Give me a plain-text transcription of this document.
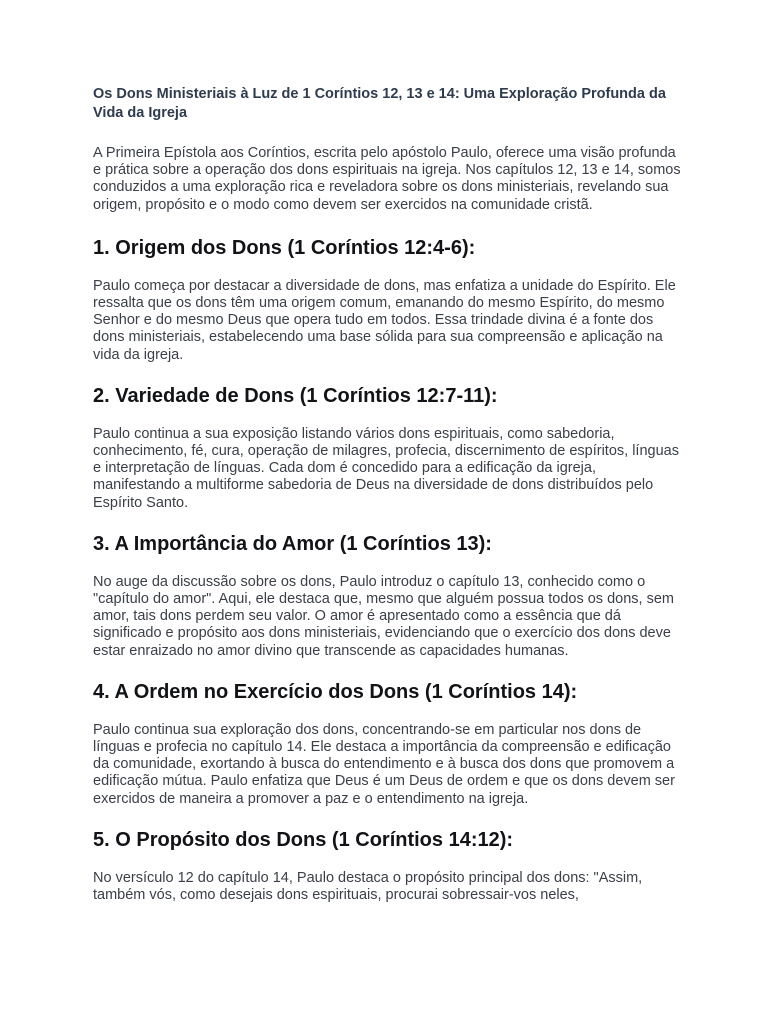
Os Dons Ministeriais à Luz de 1 Coríntios 12, 13 e 14: Uma Exploração Profunda da Vida da Igreja

A Primeira Epístola aos Coríntios, escrita pelo apóstolo Paulo, oferece uma visão profunda e prática sobre a operação dos dons espirituais na igreja. Nos capítulos 12, 13 e 14, somos conduzidos a uma exploração rica e reveladora sobre os dons ministeriais, revelando sua origem, propósito e o modo como devem ser exercidos na comunidade cristã.

1. Origem dos Dons (1 Coríntios 12:4-6):

Paulo começa por destacar a diversidade de dons, mas enfatiza a unidade do Espírito. Ele ressalta que os dons têm uma origem comum, emanando do mesmo Espírito, do mesmo Senhor e do mesmo Deus que opera tudo em todos. Essa trindade divina é a fonte dos dons ministeriais, estabelecendo uma base sólida para sua compreensão e aplicação na vida da igreja.

2. Variedade de Dons (1 Coríntios 12:7-11):

Paulo continua a sua exposição listando vários dons espirituais, como sabedoria, conhecimento, fé, cura, operação de milagres, profecia, discernimento de espíritos, línguas e interpretação de línguas. Cada dom é concedido para a edificação da igreja, manifestando a multiforme sabedoria de Deus na diversidade de dons distribuídos pelo Espírito Santo.

3. A Importância do Amor (1 Coríntios 13):

No auge da discussão sobre os dons, Paulo introduz o capítulo 13, conhecido como o "capítulo do amor". Aqui, ele destaca que, mesmo que alguém possua todos os dons, sem amor, tais dons perdem seu valor. O amor é apresentado como a essência que dá significado e propósito aos dons ministeriais, evidenciando que o exercício dos dons deve estar enraizado no amor divino que transcende as capacidades humanas.

4. A Ordem no Exercício dos Dons (1 Coríntios 14):

Paulo continua sua exploração dos dons, concentrando-se em particular nos dons de línguas e profecia no capítulo 14. Ele destaca a importância da compreensão e edificação da comunidade, exortando à busca do entendimento e à busca dos dons que promovem a edificação mútua. Paulo enfatiza que Deus é um Deus de ordem e que os dons devem ser exercidos de maneira a promover a paz e o entendimento na igreja.

5. O Propósito dos Dons (1 Coríntios 14:12):

No versículo 12 do capítulo 14, Paulo destaca o propósito principal dos dons: "Assim, também vós, como desejais dons espirituais, procurai sobressair-vos neles,
